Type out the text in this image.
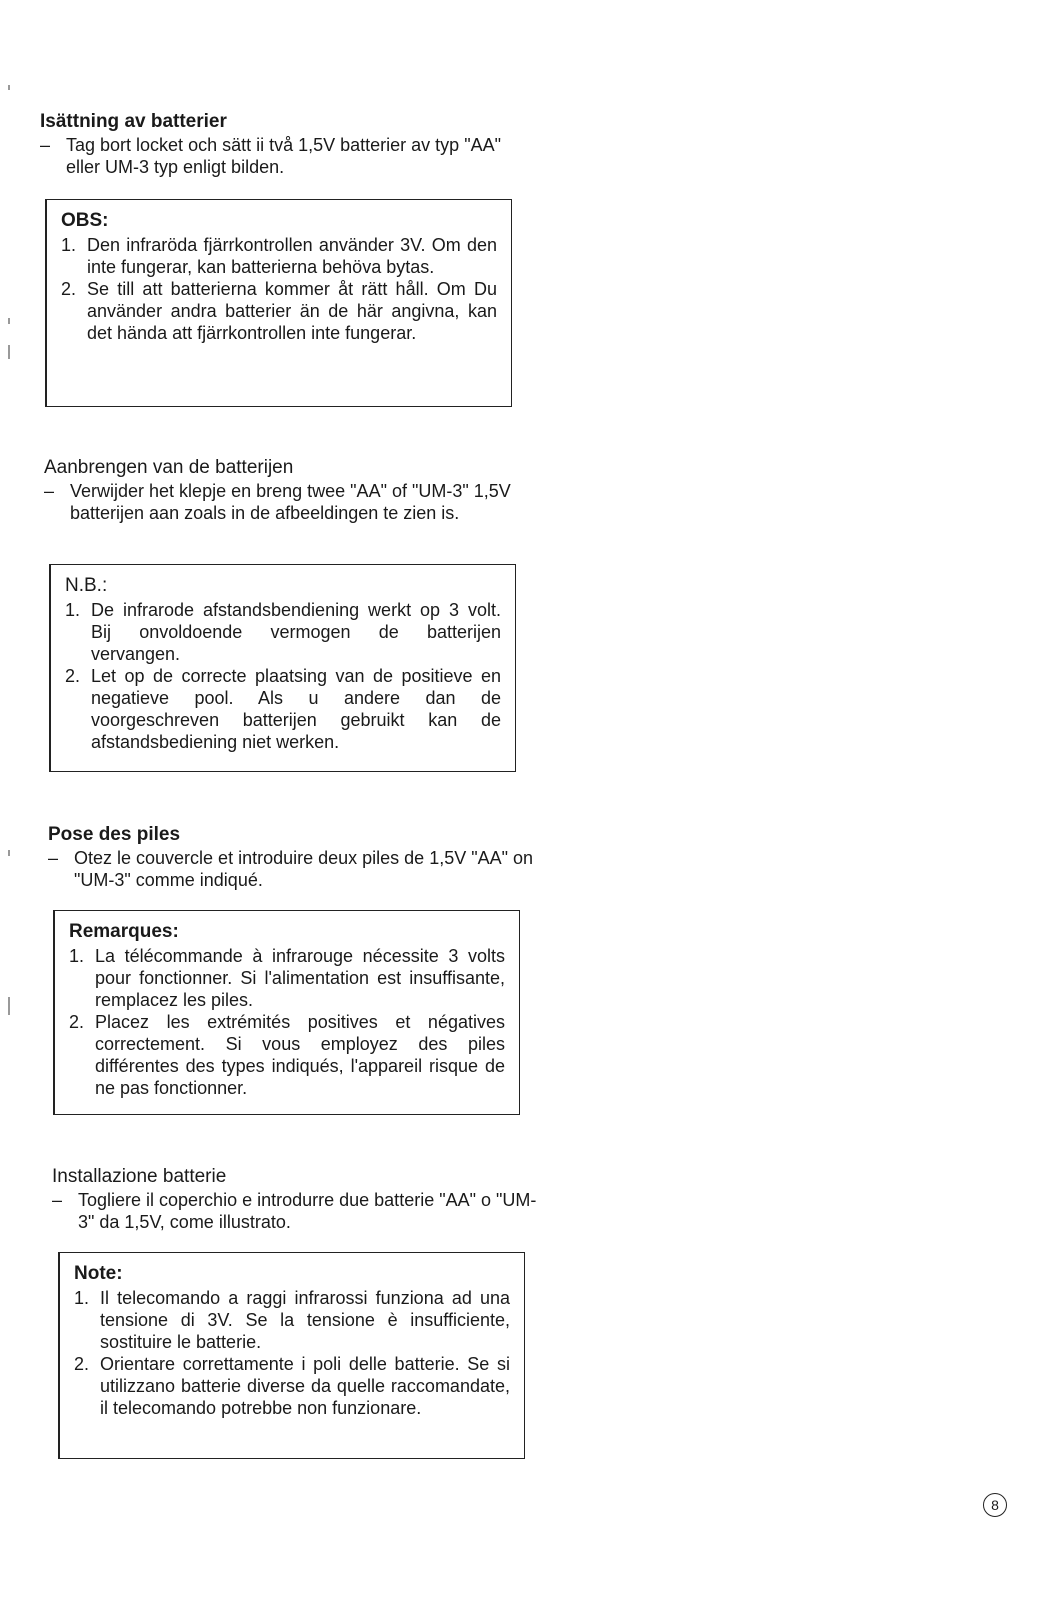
Isättning av batterier

– Tag bort locket och sätt ii två 1,5V batterier av typ "AA" eller UM-3 typ enligt bilden.

OBS:
1. Den infraröda fjärrkontrollen använder 3V. Om den inte fungerar, kan batterierna behöva bytas.
2. Se till att batterierna kommer åt rätt håll. Om Du använder andra batterier än de här angivna, kan det hända att fjärrkontrollen inte fungerar.
Aanbrengen van de batterijen

– Verwijder het klepje en breng twee "AA" of "UM-3" 1,5V batterijen aan zoals in de afbeeldingen te zien is.

N.B.:
1. De infrarode afstandsbendiening werkt op 3 volt. Bij onvoldoende vermogen de batterijen vervangen.
2. Let op de correcte plaatsing van de positieve en negatieve pool. Als u andere dan de voorgeschreven batterijen gebruikt kan de afstandsbediening niet werken.
Pose des piles

– Otez le couvercle et introduire deux piles de 1,5V "AA" on "UM-3" comme indiqué.

Remarques:
1. La télécommande à infrarouge nécessite 3 volts pour fonctionner. Si l'alimentation est insuffisante, remplacez les piles.
2. Placez les extrémités positives et négatives correctement. Si vous employez des piles différentes des types indiqués, l'appareil risque de ne pas fonctionner.
Installazione batterie

– Togliere il coperchio e introdurre due batterie "AA" o "UM-3" da 1,5V, come illustrato.

Note:
1. Il telecomando a raggi infrarossi funziona ad una tensione di 3V. Se la tensione è insufficiente, sostituire le batterie.
2. Orientare correttamente i poli delle batterie. Se si utilizzano batterie diverse da quelle raccomandate, il telecomando potrebbe non funzionare.
8
